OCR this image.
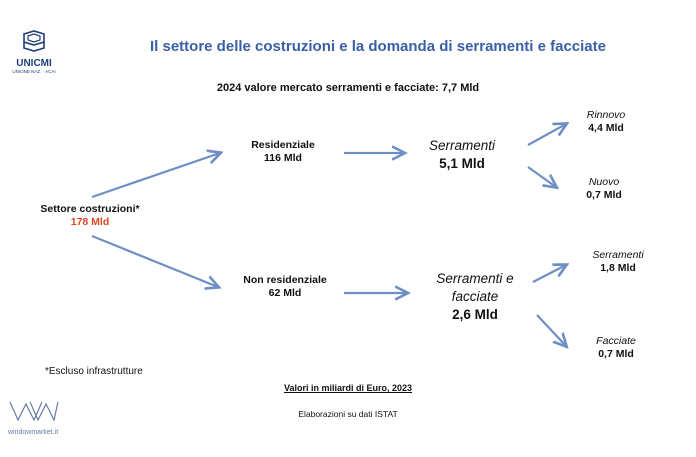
UNICMI
UNIONE NAZ. · ACAI
windowmarket.it
Il settore delle costruzioni e la domanda di serramenti e facciate
2024 valore mercato serramenti e facciate: 7,7 Mld
Settore costruzioni*
178 Mld
Residenziale
116 Mld
Non residenziale
62 Mld
Serramenti
5,1 Mld
Serramenti e
facciate
2,6 Mld
Rinnovo
4,4 Mld
Nuovo
0,7 Mld
Serramenti
1,8 Mld
Facciate
0,7 Mld
*Escluso infrastrutture
Valori in miliardi di Euro, 2023
Elaborazioni su dati ISTAT
